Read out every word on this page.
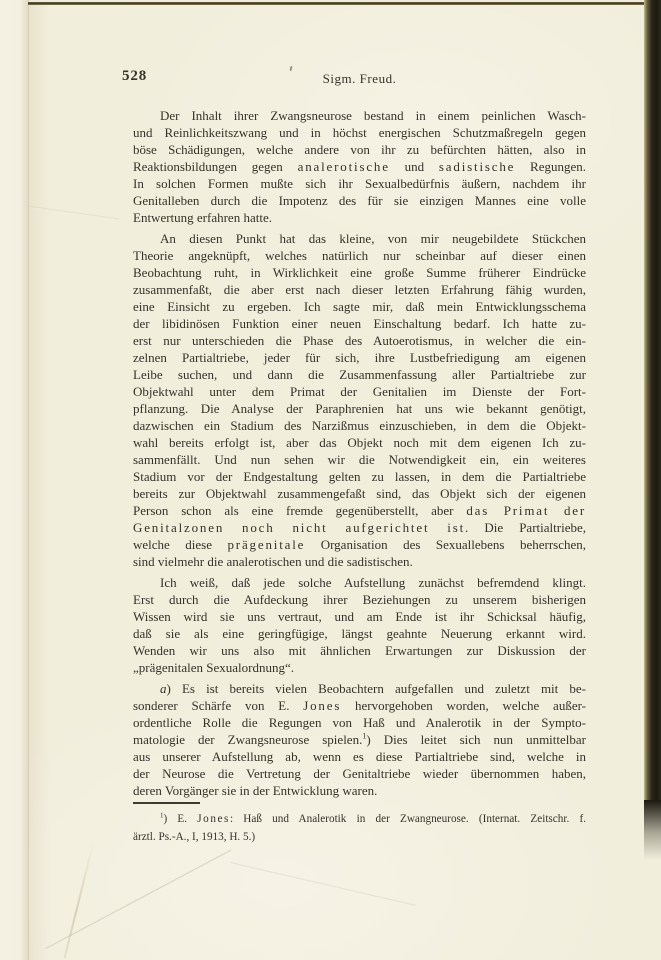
528	Sigm. Freud.
Der Inhalt ihrer Zwangsneurose bestand in einem peinlichen Wasch-
und Reinlichkeitszwang und in höchst energischen Schutzmaßregeln gegen
böse Schädigungen, welche andere von ihr zu befürchten hätten, also in
Reaktionsbildungen gegen analerotische und sadistische Regungen.
In solchen Formen mußte sich ihr Sexualbedürfnis äußern, nachdem ihr
Genitalleben durch die Impotenz des für sie einzigen Mannes eine volle
Entwertung erfahren hatte.
An diesen Punkt hat das kleine, von mir neugebildete Stückchen
Theorie angeknüpft, welches natürlich nur scheinbar auf dieser einen
Beobachtung ruht, in Wirklichkeit eine große Summe früherer Eindrücke
zusammenfaßt, die aber erst nach dieser letzten Erfahrung fähig wurden,
eine Einsicht zu ergeben. Ich sagte mir, daß mein Entwicklungsschema
der libidinösen Funktion einer neuen Einschaltung bedarf. Ich hatte zu-
erst nur unterschieden die Phase des Autoerotismus, in welcher die ein-
zelnen Partialtriebe, jeder für sich, ihre Lustbefriedigung am eigenen
Leibe suchen, und dann die Zusammenfassung aller Partialtriebe zur
Objektwahl unter dem Primat der Genitalien im Dienste der Fort-
pflanzung. Die Analyse der Paraphrenien hat uns wie bekannt genötigt,
dazwischen ein Stadium des Narzißmus einzuschieben, in dem die Objekt-
wahl bereits erfolgt ist, aber das Objekt noch mit dem eigenen Ich zu-
sammenfällt. Und nun sehen wir die Notwendigkeit ein, ein weiteres
Stadium vor der Endgestaltung gelten zu lassen, in dem die Partialtriebe
bereits zur Objektwahl zusammengefaßt sind, das Objekt sich der eigenen
Person schon als eine fremde gegenüberstellt, aber das Primat der
Genitalzonen noch nicht aufgerichtet ist. Die Partialtriebe,
welche diese prägenitale Organisation des Sexuallebens beherrschen,
sind vielmehr die analerotischen und die sadistischen.
Ich weiß, daß jede solche Aufstellung zunächst befremdend klingt.
Erst durch die Aufdeckung ihrer Beziehungen zu unserem bisherigen
Wissen wird sie uns vertraut, und am Ende ist ihr Schicksal häufig,
daß sie als eine geringfügige, längst geahnte Neuerung erkannt wird.
Wenden wir uns also mit ähnlichen Erwartungen zur Diskussion der
„prägenitalen Sexualordnung“.
a) Es ist bereits vielen Beobachtern aufgefallen und zuletzt mit be-
sonderer Schärfe von E. Jones hervorgehoben worden, welche außer-
ordentliche Rolle die Regungen von Haß und Analerotik in der Sympto-
matologie der Zwangsneurose spielen.$^1$) Dies leitet sich nun unmittelbar
aus unserer Aufstellung ab, wenn es diese Partialtriebe sind, welche in
der Neurose die Vertretung der Genitaltriebe wieder übernommen haben,
deren Vorgänger sie in der Entwicklung waren.
$^1$) E. Jones: Haß und Analerotik in der Zwangneurose. (Internat. Zeitschr. f.
ärztl. Ps.-A., I, 1913, H. 5.)
